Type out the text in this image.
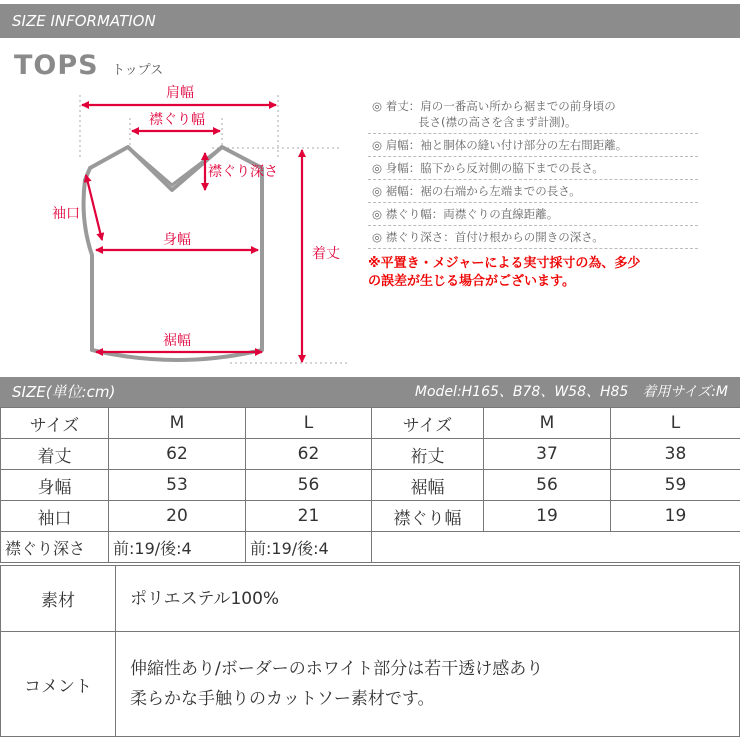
SIZE INFORMATION
TOPS トップス
肩幅
襟ぐり幅
襟ぐり深さ
袖口
身幅
着丈
裾幅
◎ 着丈：肩の一番高い所から裾までの前身頃の
長さ(襟の高さを含まず計測)。
◎ 肩幅：袖と胴体の縫い付け部分の左右間距離。
◎ 身幅：脇下から反対側の脇下までの長さ。
◎ 裾幅：裾の右端から左端までの長さ。
◎ 襟ぐり幅：両襟ぐりの直線距離。
◎ 襟ぐり深さ：首付け根からの開きの深さ。
※平置き・メジャーによる実寸採寸の為、多少
の誤差が生じる場合がございます。
SIZE(単位:cm)	Model:H165、B78、W58、H85　着用サイズ:M
サイズ	M	L	サイズ	M	L
着丈	62	62	裄丈	37	38
身幅	53	56	裾幅	56	59
袖口	20	21	襟ぐり幅	19	19
襟ぐり深さ	前:19/後:4	前:19/後:4			
素材	ポリエステル100%
コメント	伸縮性あり/ボーダーのホワイト部分は若干透け感あり
柔らかな手触りのカットソー素材です。
